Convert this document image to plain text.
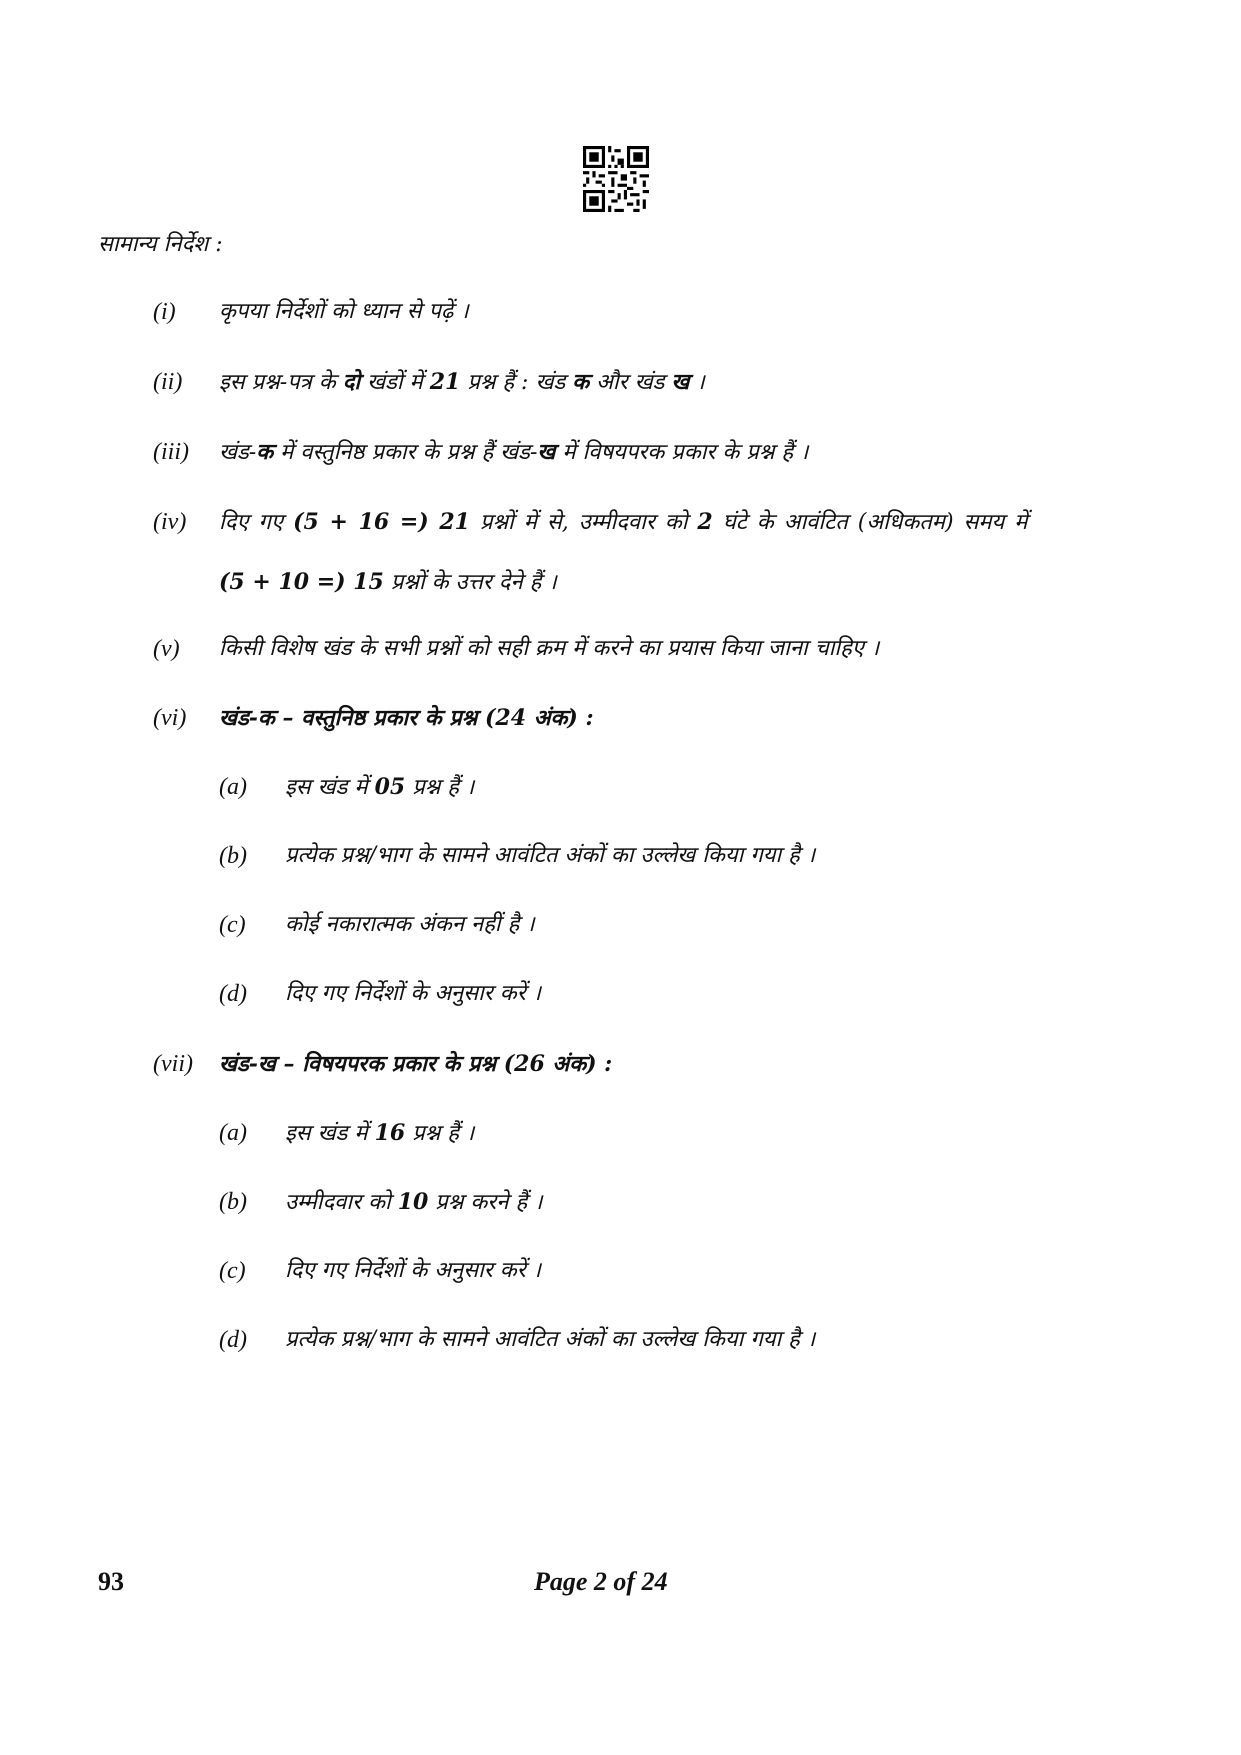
सामान्य निर्देश :
(i) कृपया निर्देशों को ध्यान से पढ़ें ।
(ii) इस प्रश्न-पत्र के दो खंडों में 21 प्रश्न हैं : खंड क और खंड ख ।
(iii) खंड-क में वस्तुनिष्ठ प्रकार के प्रश्न हैं खंड-ख में विषयपरक प्रकार के प्रश्न हैं ।
(iv) दिए गए (5 + 16 =) 21 प्रश्नों में से, उम्मीदवार को 2 घंटे के आवंटित (अधिकतम) समय में
(5 + 10 =) 15 प्रश्नों के उत्तर देने हैं ।
(v) किसी विशेष खंड के सभी प्रश्नों को सही क्रम में करने का प्रयास किया जाना चाहिए ।
(vi) खंड-क – वस्तुनिष्ठ प्रकार के प्रश्न (24 अंक) :
(a) इस खंड में 05 प्रश्न हैं ।
(b) प्रत्येक प्रश्न/भाग के सामने आवंटित अंकों का उल्लेख किया गया है ।
(c) कोई नकारात्मक अंकन नहीं है ।
(d) दिए गए निर्देशों के अनुसार करें ।
(vii) खंड-ख – विषयपरक प्रकार के प्रश्न (26 अंक) :
(a) इस खंड में 16 प्रश्न हैं ।
(b) उम्मीदवार को 10 प्रश्न करने हैं ।
(c) दिए गए निर्देशों के अनुसार करें ।
(d) प्रत्येक प्रश्न/भाग के सामने आवंटित अंकों का उल्लेख किया गया है ।
93	Page 2 of 24
